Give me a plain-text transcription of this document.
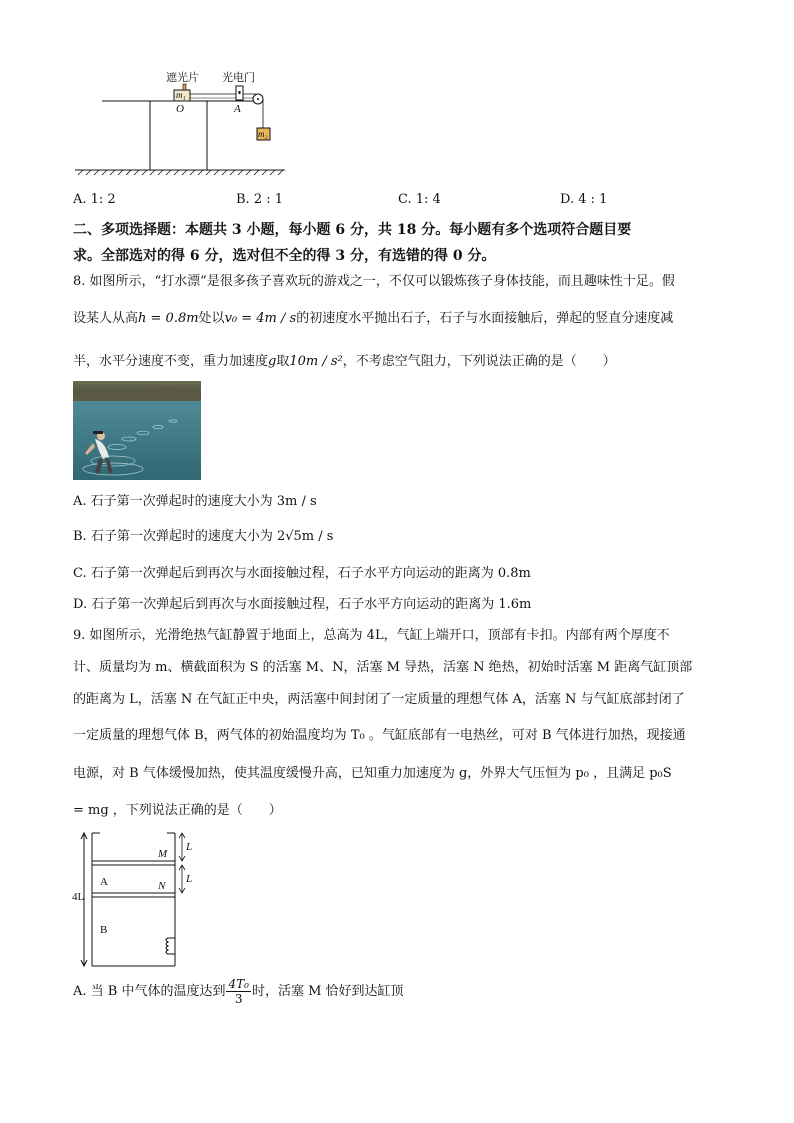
遮光片 光电门
m₁
O	A
m₂
A. 1: 2	B. 2 : 1	C. 1: 4	D. 4 : 1
二、多项选择题：本题共 3 小题，每小题 6 分，共 18 分。每小题有多个选项符合题目要
求。全部选对的得 6 分，选对但不全的得 3 分，有选错的得 0 分。
8. 如图所示，“打水漂”是很多孩子喜欢玩的游戏之一，不仅可以锻炼孩子身体技能，而且趣味性十足。假
设某人从高h = 0.8m处以v₀ = 4m / s的初速度水平抛出石子，石子与水面接触后，弹起的竖直分速度减
半，水平分速度不变，重力加速度g取10m / s²，不考虑空气阻力，下列说法正确的是（　　）
A. 石子第一次弹起时的速度大小为 3m / s
B. 石子第一次弹起时的速度大小为 2√5m / s
C. 石子第一次弹起后到再次与水面接触过程，石子水平方向运动的距离为 0.8m
D. 石子第一次弹起后到再次与水面接触过程，石子水平方向运动的距离为 1.6m
9. 如图所示，光滑绝热气缸静置于地面上，总高为 4L，气缸上端开口，顶部有卡扣。内部有两个厚度不
计、质量均为 m、横截面积为 S 的活塞 M、N，活塞 M 导热，活塞 N 绝热，初始时活塞 M 距离气缸顶部
的距离为 L，活塞 N 在气缸正中央，两活塞中间封闭了一定质量的理想气体 A，活塞 N 与气缸底部封闭了
一定质量的理想气体 B，两气体的初始温度均为 T₀ 。气缸底部有一电热丝，可对 B 气体进行加热，现接通
电源，对 B 气体缓慢加热，使其温度缓慢升高，已知重力加速度为 g，外界大气压恒为 p₀ ，且满足 p₀S
= mg ，下列说法正确的是（　　）
L
L
M
N
A
B
4L
A. 当 B 中气体的温度达到 $\frac{\text{4T₀}}{3}$ 时，活塞 M 恰好到达缸顶
